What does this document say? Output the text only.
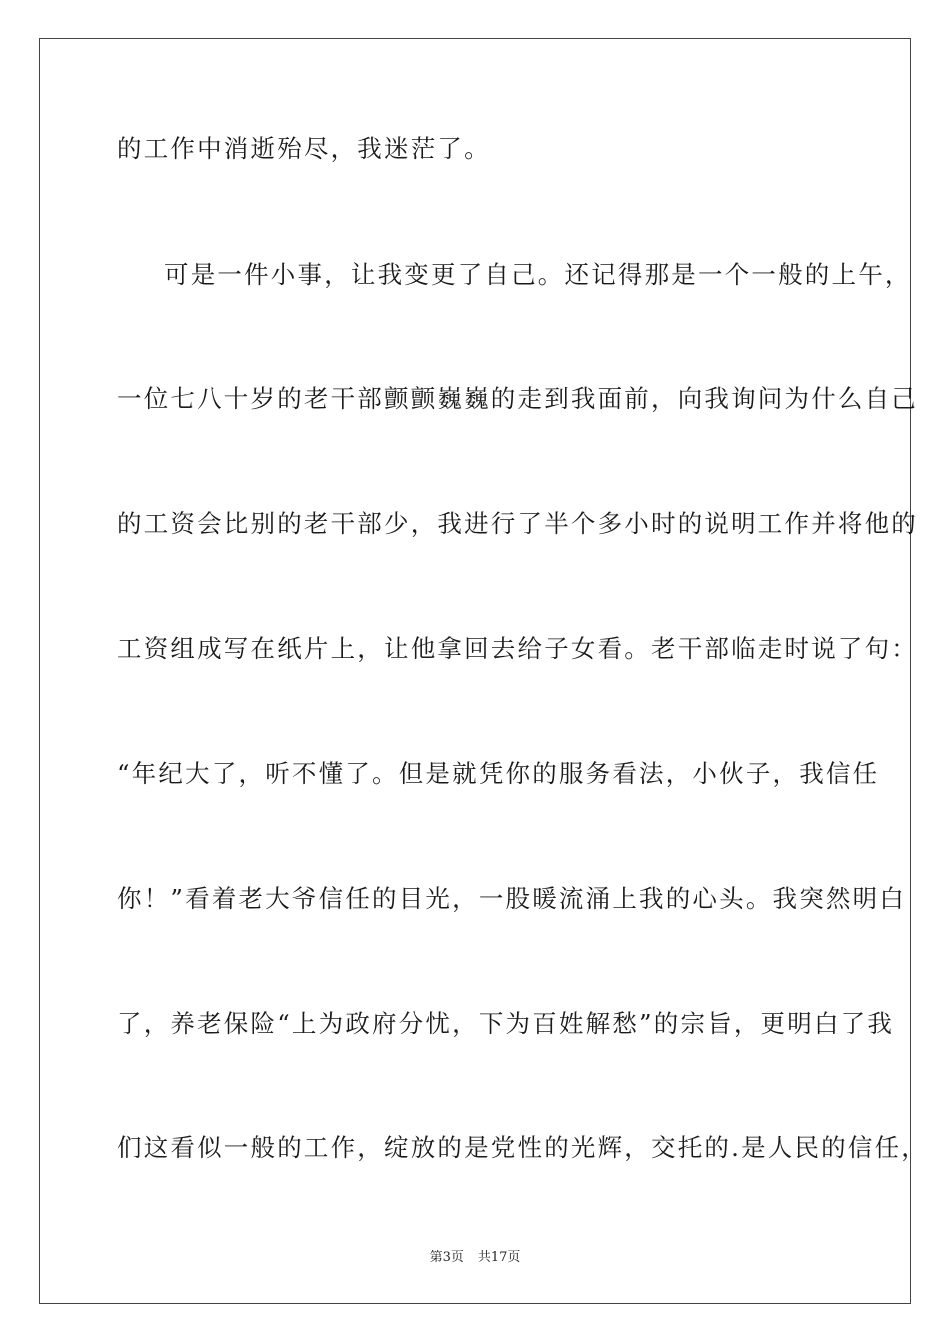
的工作中消逝殆尽，我迷茫了。
可是一件小事，让我变更了自己。还记得那是一个一般的上午，
一位七八十岁的老干部颤颤巍巍的走到我面前，向我询问为什么自己
的工资会比别的老干部少，我进行了半个多小时的说明工作并将他的
工资组成写在纸片上，让他拿回去给子女看。老干部临走时说了句：
“年纪大了，听不懂了。但是就凭你的服务看法，小伙子，我信任
你！”看着老大爷信任的目光，一股暖流涌上我的心头。我突然明白
了，养老保险“上为政府分忧，下为百姓解愁”的宗旨，更明白了我
们这看似一般的工作，绽放的是党性的光辉，交托的.是人民的信任，
第3页 共17页
